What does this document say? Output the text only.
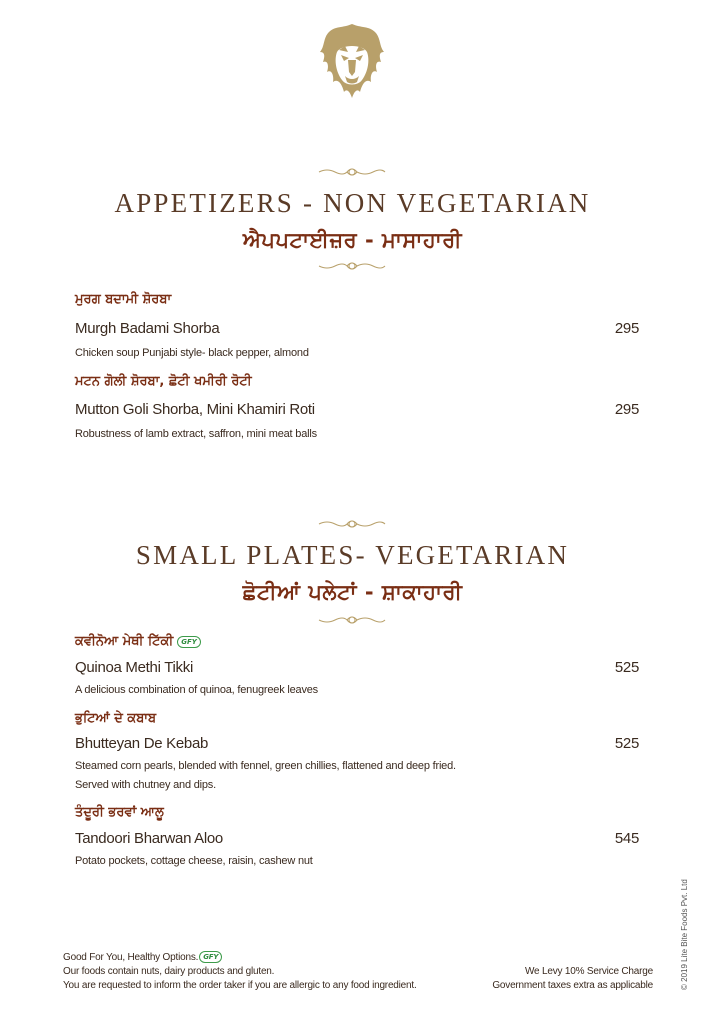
APPETIZERS - NON VEGETARIAN
ਐਪਪਟਾਈਜ਼ਰ - ਮਾਸਾਹਾਰੀ
ਮੁਰਗ ਬਦਾਮੀ ਸ਼ੋਰਬਾ
Murgh Badami Shorba	295
Chicken soup Punjabi style- black pepper, almond
ਮਟਨ ਗੋਲੀ ਸ਼ੋਰਬਾ, ਛੋਟੀ ਖਮੀਰੀ ਰੋਟੀ
Mutton Goli Shorba, Mini Khamiri Roti	295
Robustness of lamb extract, saffron, mini meat balls
SMALL PLATES- VEGETARIAN
ਛੋਟੀਆਂ ਪਲੇਟਾਂ - ਸ਼ਾਕਾਹਾਰੀ
ਕਵੀਨੋਆ ਮੇਥੀ ਟਿੱਕੀ GFY
Quinoa Methi Tikki	525
A delicious combination of quinoa, fenugreek leaves
ਭੁਟਿਆਂ ਦੇ ਕਬਾਬ
Bhutteyan De Kebab	525
Steamed corn pearls, blended with fennel, green chillies, flattened and deep fried.
Served with chutney and dips.
ਤੰਦੂਰੀ ਭਰਵਾਂ ਆਲੂ
Tandoori Bharwan Aloo	545
Potato pockets, cottage cheese, raisin, cashew nut
Good For You, Healthy Options. GFY
Our foods contain nuts, dairy products and gluten.
You are requested to inform the order taker if you are allergic to any food ingredient.
We Levy 10% Service Charge
Government taxes extra as applicable	© 2019 Lite Bite Foods Pvt. Ltd
